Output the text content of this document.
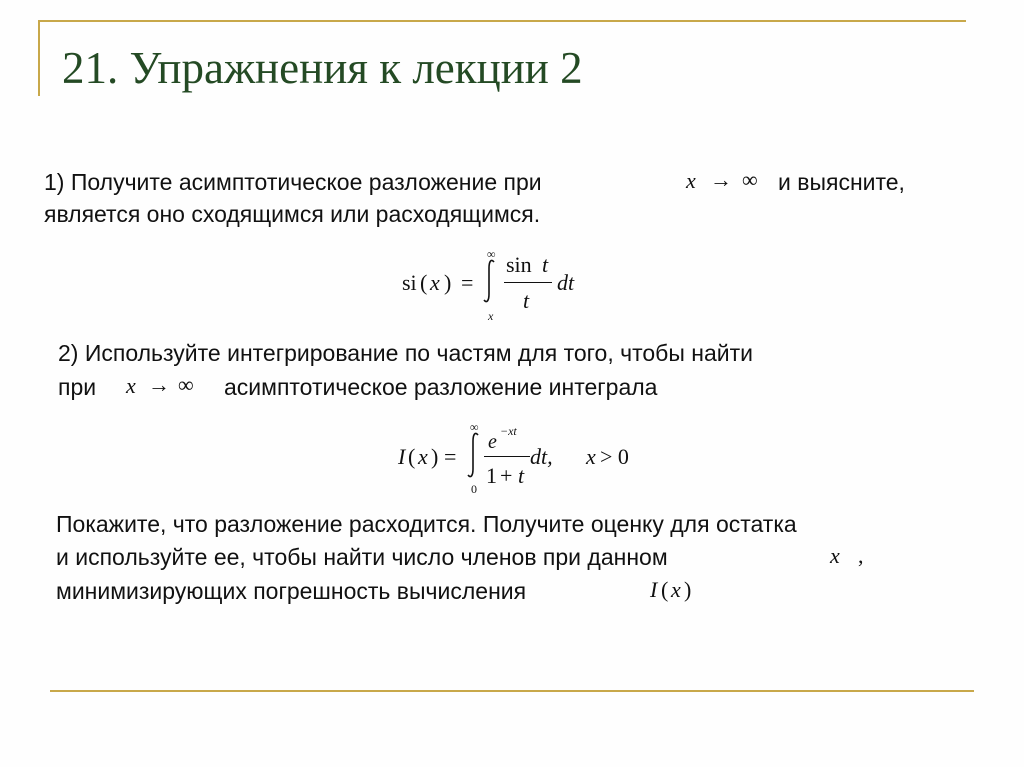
21. Упражнения к лекции 2
1) Получите асимптотическое разложение при	x → ∞ и выясните,
является оно сходящимся или расходящимся.
si ( x ) =
∞
x
sin t
t
dt
2) Используйте интегрирование по частям для того, чтобы найти
при x → ∞ асимптотическое разложение интеграла
I ( x ) =
∞
0
e −xt
1 + t
dt, x > 0
Покажите, что разложение расходится. Получите оценку для остатка
и используйте ее, чтобы найти число членов при данном	x ,
минимизирующих погрешность вычисления	I ( x )
